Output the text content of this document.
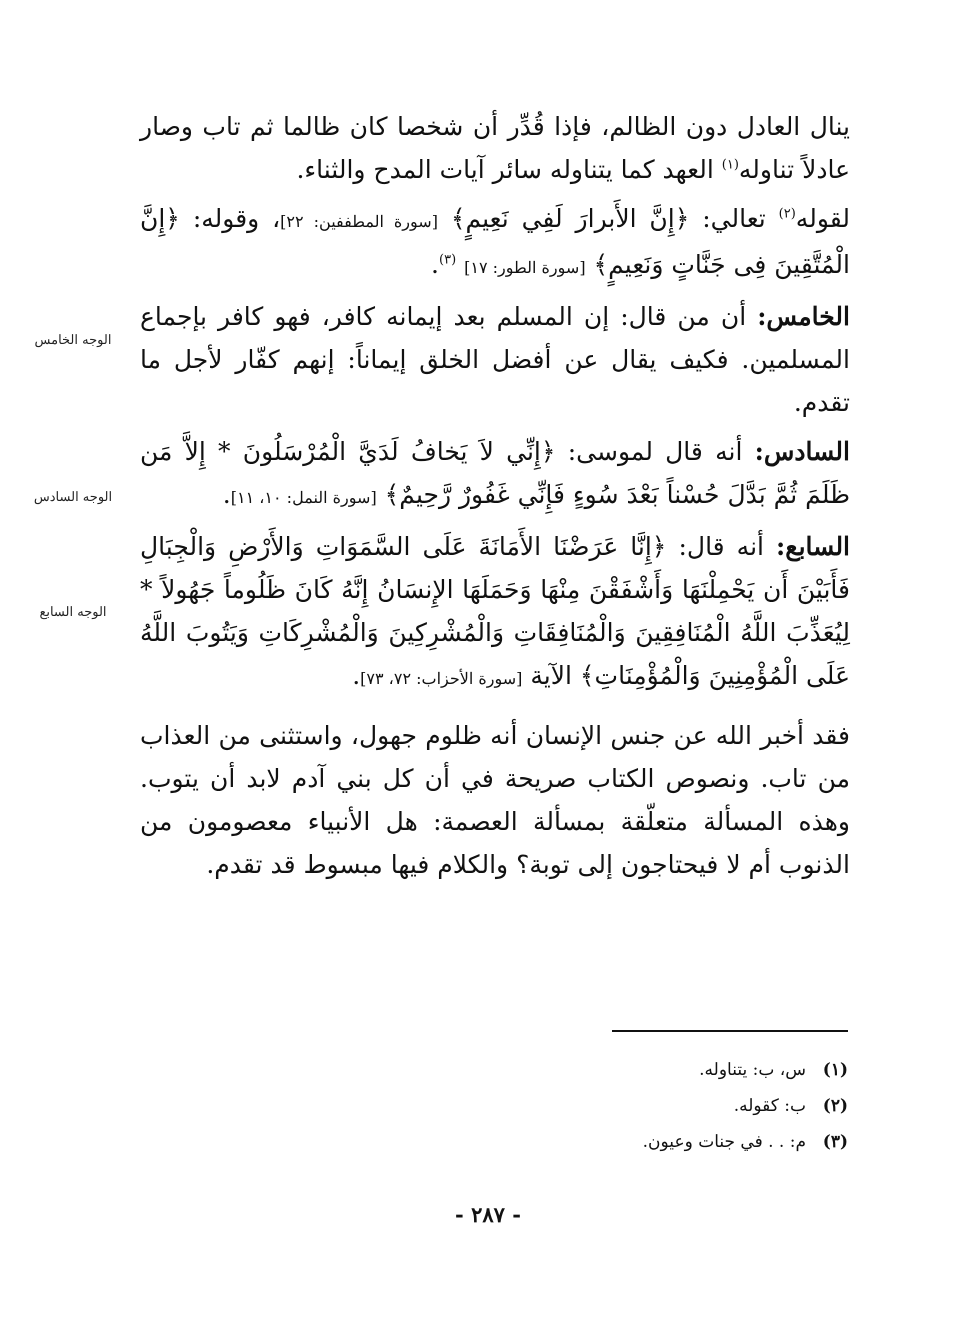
ينال العادل دون الظالم، فإذا قُدِّر أن شخصا كان ظالما ثم تاب وصار عادلاً تناوله$^{(١)}$ العهد كما يتناوله سائر آيات المدح والثناء.

لقوله$^{(٢)}$ تعالي: ﴿إِنَّ الأَبرارَ لَفِي نَعِيمٍ﴾ [سورة المطففين: ٢٢]، وقوله: ﴿إِنَّ الْمُتَّقِينَ فِى جَنَّاتٍ وَنَعِيمٍ﴾ [سورة الطور: ١٧] $^{(٣)}$.

الخامس: أن من قال: إن المسلم بعد إيمانه كافر، فهو كافر بإجماع المسلمين. فكيف يقال عن أفضل الخلق إيماناً: إنهم كفّار لأجل ما تقدم.

السادس: أنه قال لموسى: ﴿إِنِّي لاَ يَخافُ لَدَيَّ الْمُرْسَلُونَ * إِلاَّ مَن ظَلَمَ ثُمَّ بَدَّلَ حُسْناً بَعْدَ سُوءٍ فَإِنِّي غَفُورٌ رَّحِيمٌ﴾ [سورة النمل: ١٠، ١١].

السابع: أنه قال: ﴿إِنَّا عَرَضْنَا الأَمَانَةَ عَلَى السَّمَوَاتِ وَالأَرْضِ وَالْجِبَالِ فَأَبَيْنَ أَن يَحْمِلْنَهَا وَأَشْفَقْنَ مِنْهَا وَحَمَلَهَا الإِنسَانُ إِنَّهُ كَانَ ظَلُوماً جَهُولاً * لِيُعَذِّبَ اللَّهُ الْمُنَافِقِينَ وَالْمُنَافِقَاتِ وَالْمُشْرِكِينَ وَالْمُشْرِكَاتِ وَيَتُوبَ اللَّهُ عَلَى الْمُؤْمِنِينَ وَالْمُؤْمِنَاتِ﴾ الآية [سورة الأحزاب: ٧٢، ٧٣].

فقد أخبر الله عن جنس الإنسان أنه ظلوم جهول، واستثنى من العذاب من تاب. ونصوص الكتاب صريحة في أن كل بني آدم لابد أن يتوب. وهذه المسألة متعلّقة بمسألة العصمة: هل الأنبياء معصومون من الذنوب أم لا فيحتاجون إلى توبة؟ والكلام فيها مبسوط قد تقدم.

الوجه الخامس
الوجه السادس
الوجه السابع
(١)س، ب: يتناوله.
(٢)ب: كقوله.
(٣)م: . . في جنات وعيون.
- ٢٨٧ -
